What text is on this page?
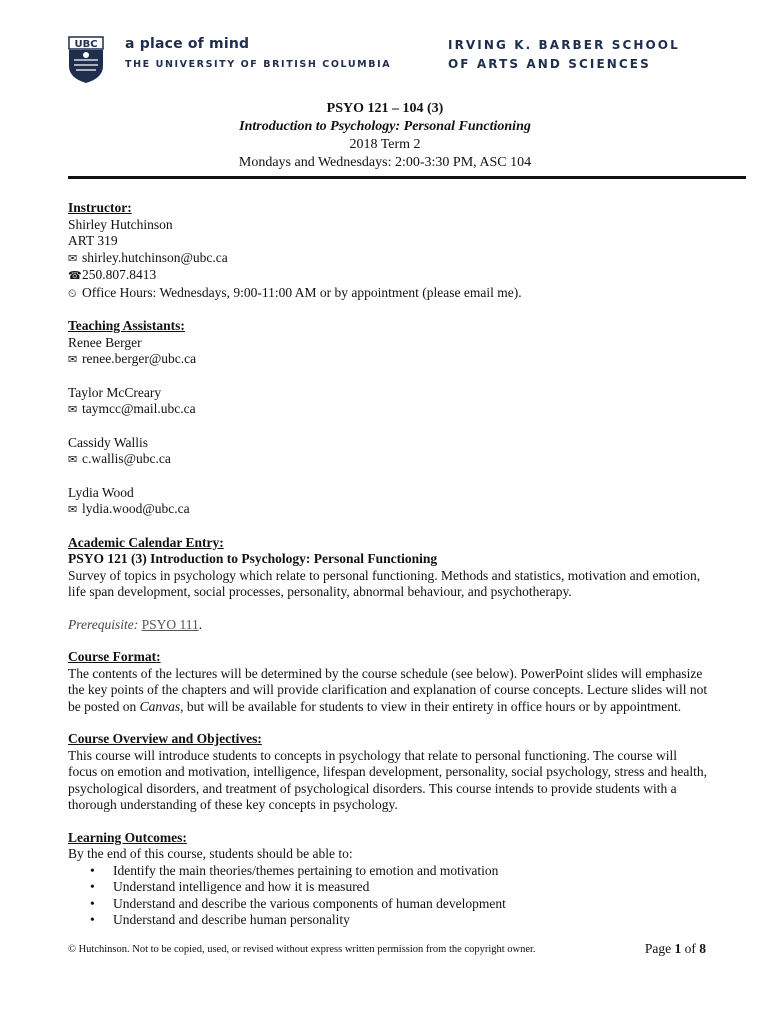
UBC a place of mind
THE UNIVERSITY OF BRITISH COLUMBIA
IRVING K. BARBER SCHOOL
OF ARTS AND SCIENCES
PSYO 121 – 104 (3)
Introduction to Psychology: Personal Functioning
2018 Term 2
Mondays and Wednesdays: 2:00-3:30 PM, ASC 104

Instructor:

Shirley Hutchinson

ART 319

✉ shirley.hutchinson@ubc.ca

☎250.807.8413

⏲ Office Hours: Wednesdays, 9:00-11:00 AM or by appointment (please email me).

Teaching Assistants:

Renee Berger

✉ renee.berger@ubc.ca

Taylor McCreary

✉ taymcc@mail.ubc.ca

Cassidy Wallis

✉ c.wallis@ubc.ca

Lydia Wood

✉ lydia.wood@ubc.ca

Academic Calendar Entry:

PSYO 121 (3) Introduction to Psychology: Personal Functioning

Survey of topics in psychology which relate to personal functioning. Methods and statistics, motivation and emotion, life span development, social processes, personality, abnormal behaviour, and psychotherapy.

Prerequisite: PSYO 111.

Course Format:

The contents of the lectures will be determined by the course schedule (see below). PowerPoint slides will emphasize the key points of the chapters and will provide clarification and explanation of course concepts. Lecture slides will not be posted on Canvas, but will be available for students to view in their entirety in office hours or by appointment.

Course Overview and Objectives:

This course will introduce students to concepts in psychology that relate to personal functioning. The course will focus on emotion and motivation, intelligence, lifespan development, personality, social psychology, stress and health, psychological disorders, and treatment of psychological disorders. This course intends to provide students with a thorough understanding of these key concepts in psychology.

Learning Outcomes:

By the end of this course, students should be able to:

• Identify the main theories/themes pertaining to emotion and motivation
• Understand intelligence and how it is measured
• Understand and describe the various components of human development
• Understand and describe human personality
© Hutchinson. Not to be copied, used, or revised without express written permission from the copyright owner.	Page 1 of 8
